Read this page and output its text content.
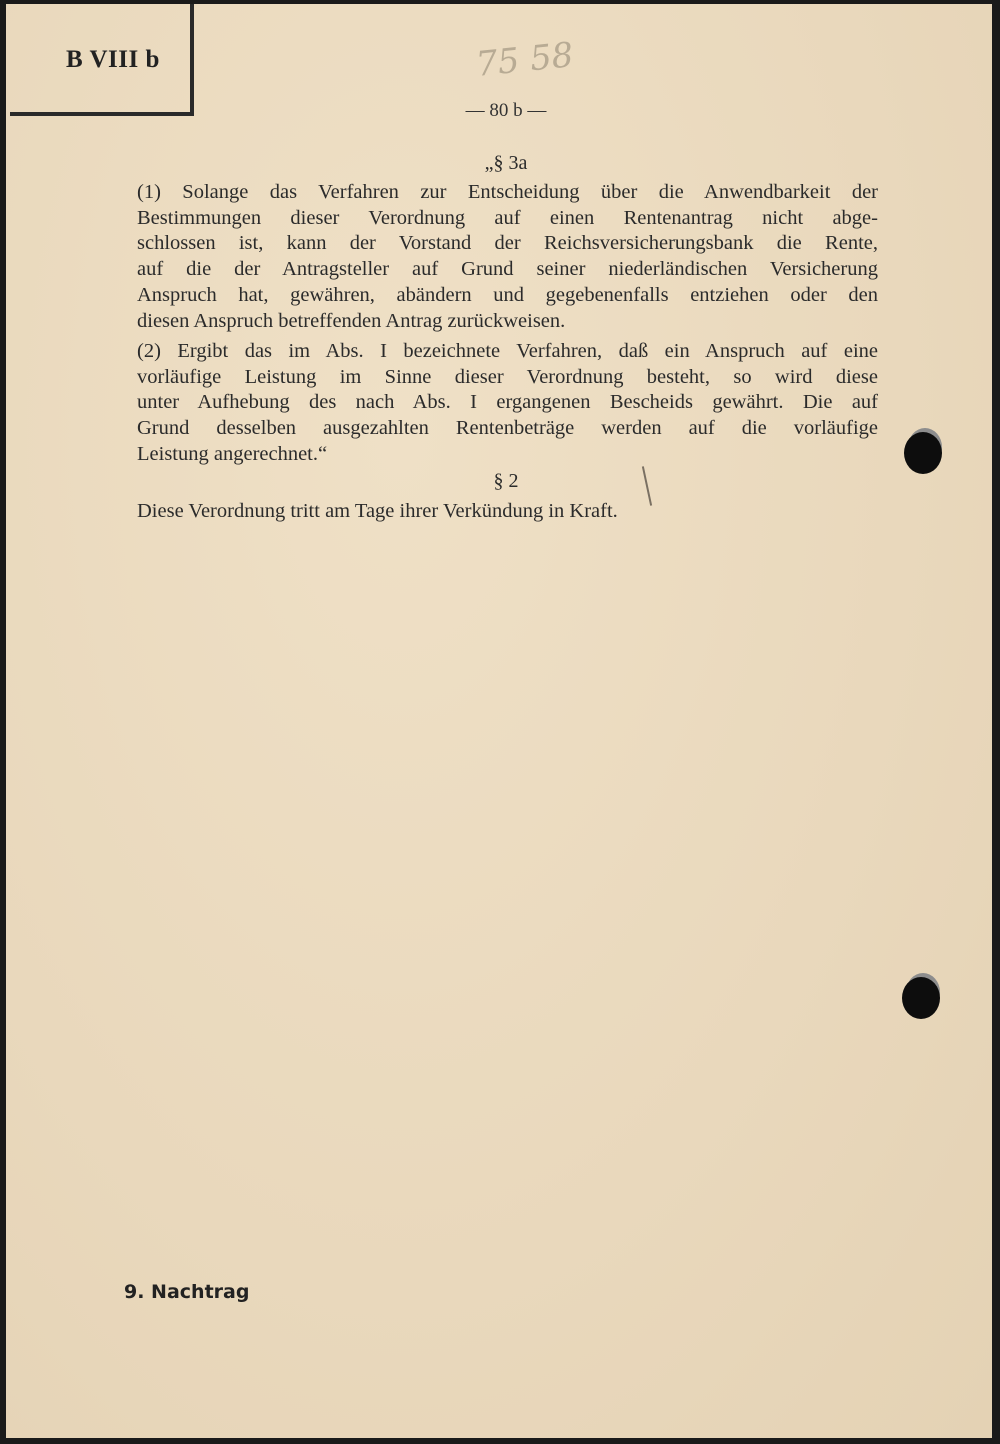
B VIII b	75 58
— 80 b —
„§ 3a
(1) Solange das Verfahren zur Entscheidung über die Anwendbarkeit der
Bestimmungen dieser Verordnung auf einen Rentenantrag nicht abge-
schlossen ist, kann der Vorstand der Reichsversicherungsbank die Rente,
auf die der Antragsteller auf Grund seiner niederländischen Versicherung
Anspruch hat, gewähren, abändern und gegebenenfalls entziehen oder den
diesen Anspruch betreffenden Antrag zurückweisen.
(2) Ergibt das im Abs. I bezeichnete Verfahren, daß ein Anspruch auf eine
vorläufige Leistung im Sinne dieser Verordnung besteht, so wird diese
unter Aufhebung des nach Abs. I ergangenen Bescheids gewährt. Die auf
Grund desselben ausgezahlten Rentenbeträge werden auf die vorläufige
Leistung angerechnet.“
§ 2
Diese Verordnung tritt am Tage ihrer Verkündung in Kraft.
9. Nachtrag
